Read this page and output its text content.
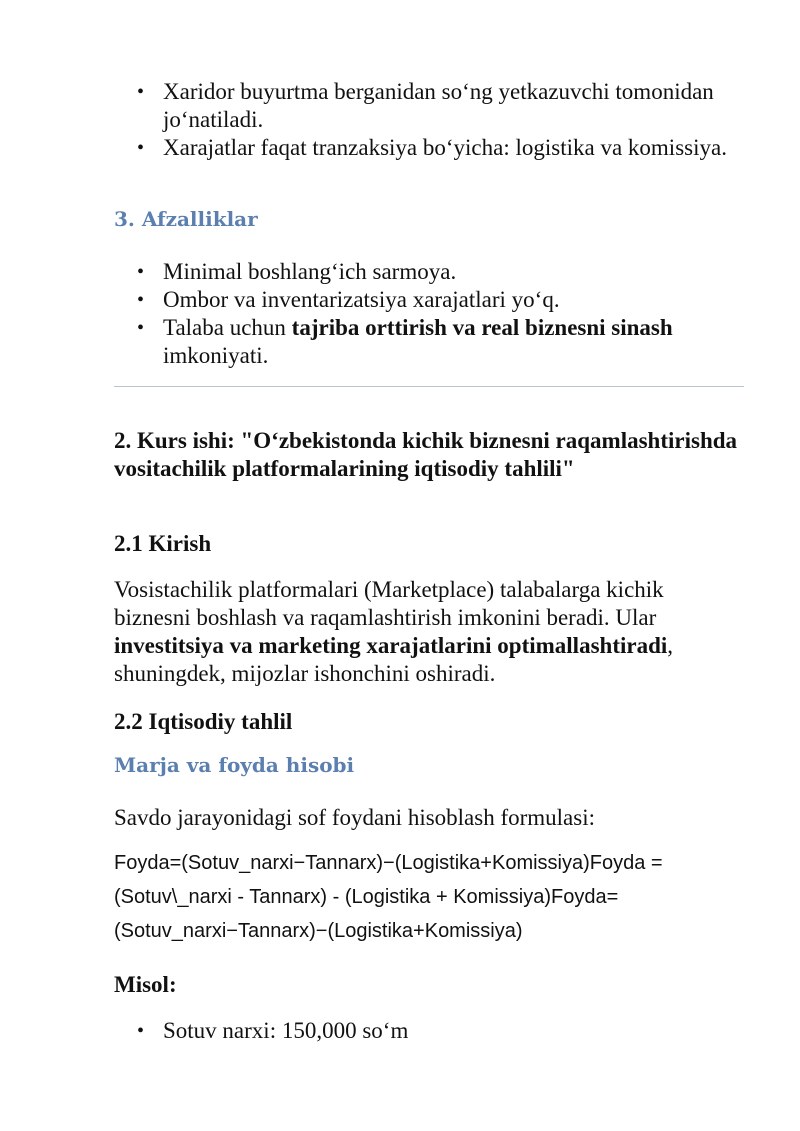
• Xaridor buyurtma berganidan so‘ng yetkazuvchi tomonidan jo‘natiladi.
• Xarajatlar faqat tranzaksiya bo‘yicha: logistika va komissiya.
3. Afzalliklar
• Minimal boshlang‘ich sarmoya.
• Ombor va inventarizatsiya xarajatlari yo‘q.
• Talaba uchun tajriba orttirish va real biznesni sinash imkoniyati.
2. Kurs ishi: "O‘zbekistonda kichik biznesni raqamlashtirishda vositachilik platformalarining iqtisodiy tahlili"
2.1 Kirish
Vosistachilik platformalari (Marketplace) talabalarga kichik biznesni boshlash va raqamlashtirish imkonini beradi. Ular investitsiya va marketing xarajatlarini optimallashtiradi, shuningdek, mijozlar ishonchini oshiradi.
2.2 Iqtisodiy tahlil
Marja va foyda hisobi
Savdo jarayonidagi sof foydani hisoblash formulasi:
Foyda=(Sotuv_narxi−Tannarx)−(Logistika+Komissiya)Foyda = (Sotuv\_narxi - Tannarx) - (Logistika + Komissiya)Foyda=(Sotuv_narxi−Tannarx)−(Logistika+Komissiya)
Misol:
• Sotuv narxi: 150,000 so‘m
